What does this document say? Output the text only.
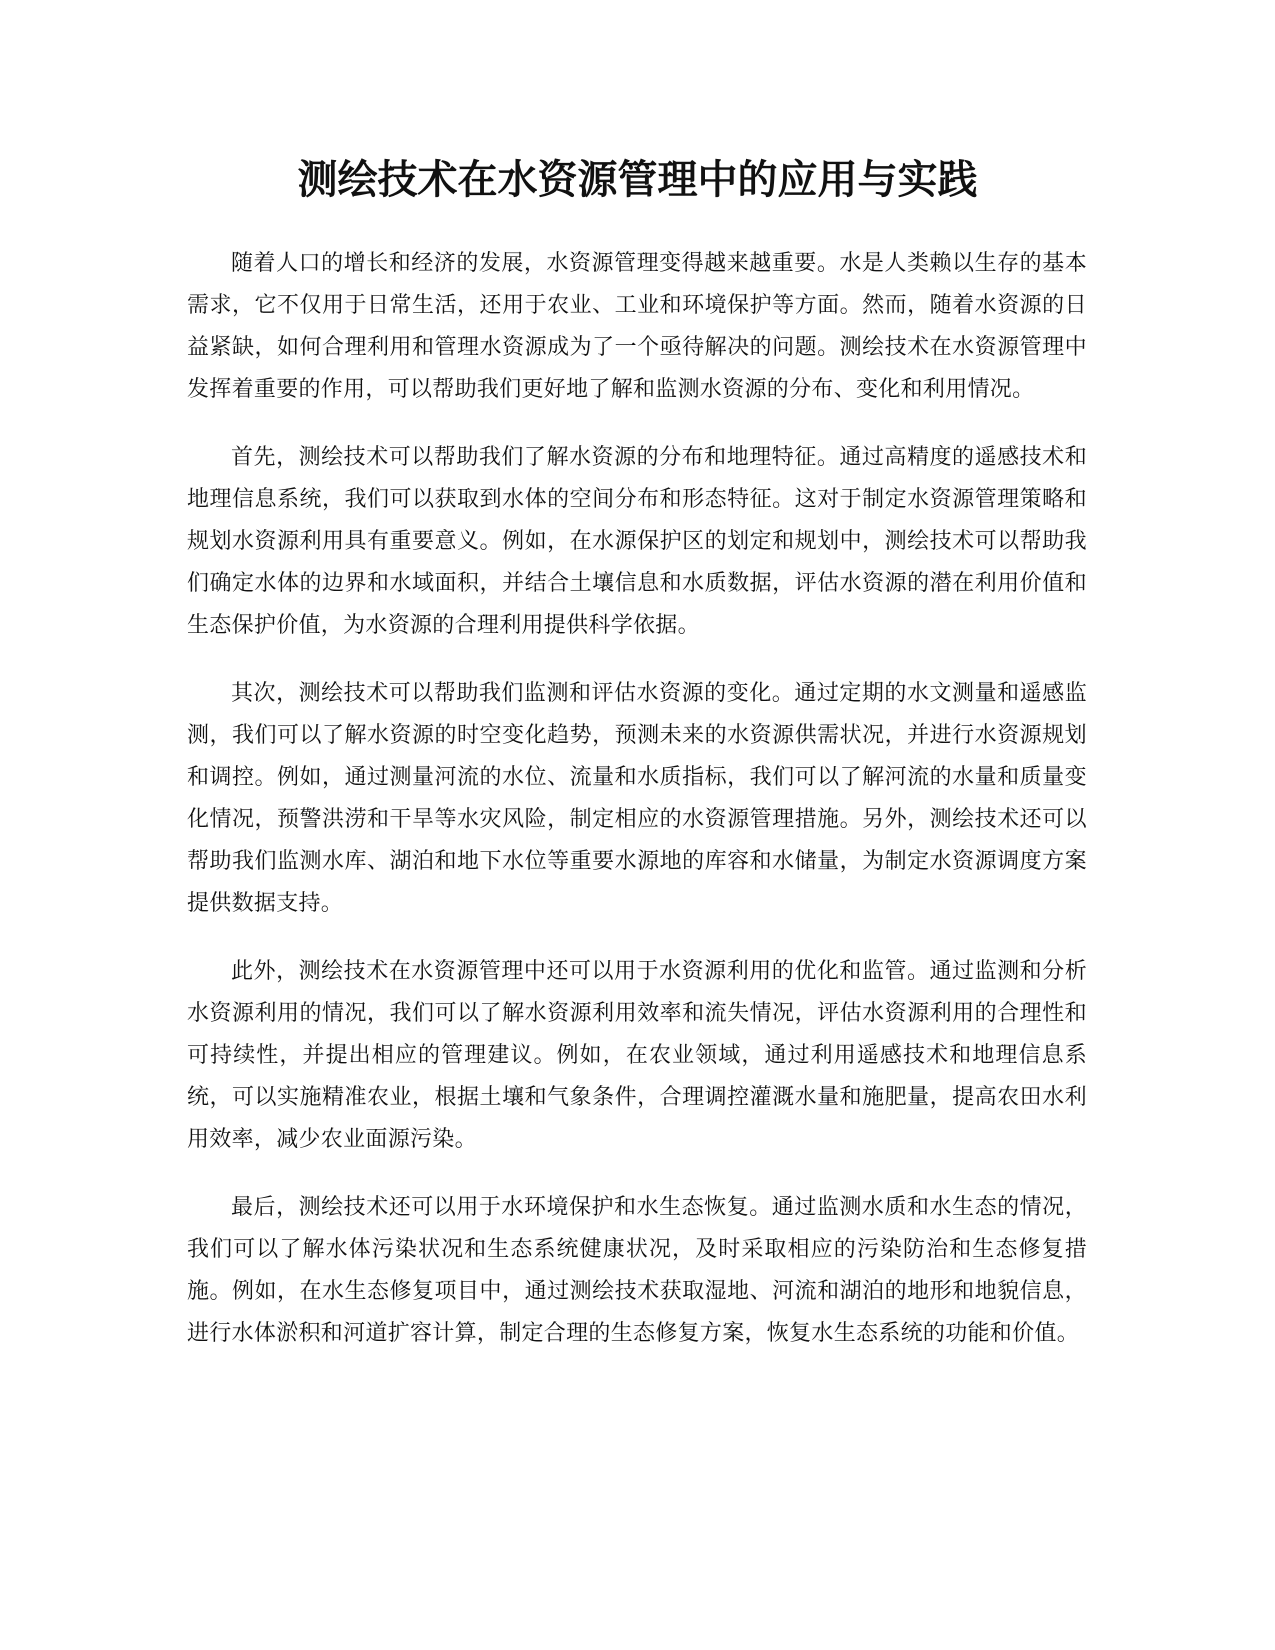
测绘技术在水资源管理中的应用与实践

随着人口的增长和经济的发展，水资源管理变得越来越重要。水是人类赖以生存的基本需求，它不仅用于日常生活，还用于农业、工业和环境保护等方面。然而，随着水资源的日益紧缺，如何合理利用和管理水资源成为了一个亟待解决的问题。测绘技术在水资源管理中发挥着重要的作用，可以帮助我们更好地了解和监测水资源的分布、变化和利用情况。

首先，测绘技术可以帮助我们了解水资源的分布和地理特征。通过高精度的遥感技术和地理信息系统，我们可以获取到水体的空间分布和形态特征。这对于制定水资源管理策略和规划水资源利用具有重要意义。例如，在水源保护区的划定和规划中，测绘技术可以帮助我们确定水体的边界和水域面积，并结合土壤信息和水质数据，评估水资源的潜在利用价值和生态保护价值，为水资源的合理利用提供科学依据。

其次，测绘技术可以帮助我们监测和评估水资源的变化。通过定期的水文测量和遥感监测，我们可以了解水资源的时空变化趋势，预测未来的水资源供需状况，并进行水资源规划和调控。例如，通过测量河流的水位、流量和水质指标，我们可以了解河流的水量和质量变化情况，预警洪涝和干旱等水灾风险，制定相应的水资源管理措施。另外，测绘技术还可以帮助我们监测水库、湖泊和地下水位等重要水源地的库容和水储量，为制定水资源调度方案提供数据支持。

此外，测绘技术在水资源管理中还可以用于水资源利用的优化和监管。通过监测和分析水资源利用的情况，我们可以了解水资源利用效率和流失情况，评估水资源利用的合理性和可持续性，并提出相应的管理建议。例如，在农业领域，通过利用遥感技术和地理信息系统，可以实施精准农业，根据土壤和气象条件，合理调控灌溉水量和施肥量，提高农田水利用效率，减少农业面源污染。

最后，测绘技术还可以用于水环境保护和水生态恢复。通过监测水质和水生态的情况，我们可以了解水体污染状况和生态系统健康状况，及时采取相应的污染防治和生态修复措施。例如，在水生态修复项目中，通过测绘技术获取湿地、河流和湖泊的地形和地貌信息，进行水体淤积和河道扩容计算，制定合理的生态修复方案，恢复水生态系统的功能和价值。
